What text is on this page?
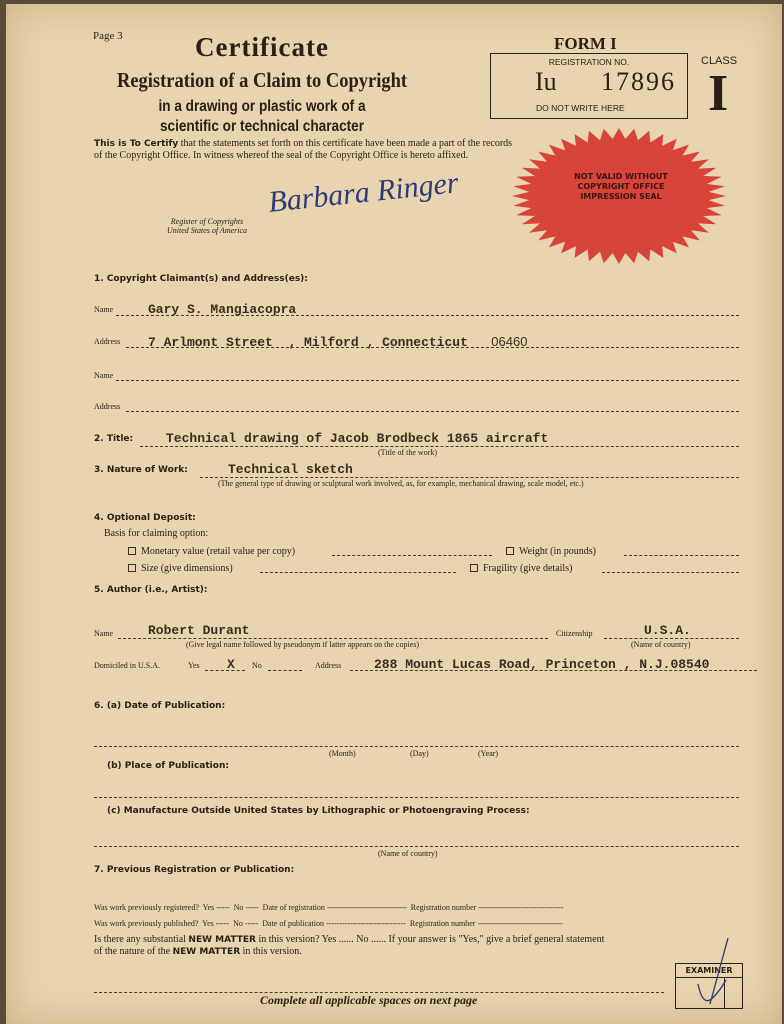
Page 3	Certificate
Registration of a Claim to Copyright
in a drawing or plastic work of a
scientific or technical character
This is To Certify that the statements set forth on this certificate have been made a part of the records of the Copyright Office. In witness whereof the seal of the Copyright Office is hereto affixed.
Barbara Ringer
Register of Copyrights
United States of America
FORM I
REGISTRATION NO.
Iu 17896
DO NOT WRITE HERE
CLASS
I
NOT VALID WITHOUT
COPYRIGHT OFFICE
IMPRESSION SEAL
1. Copyright Claimant(s) and Address(es):
Name	Gary S. Mangiacopra
Address 7 Arlmont Street , Milford , Connecticut 06460
Name
Address
2. Title:	Technical drawing of Jacob Brodbeck 1865 aircraft
(Title of the work)
3. Nature of Work:	Technical sketch
(The general type of drawing or sculptural work involved, as, for example, mechanical drawing, scale model, etc.)
4. Optional Deposit:
Basis for claiming option:
Monetary value (retail value per copy)	Weight (in pounds)
Size (give dimensions)	Fragility (give details)
5. Author (i.e., Artist):
Name	Robert Durant
(Give legal name followed by pseudonym if latter appears on the copies)
Citizenship	U.S.A.
(Name of country)
Domiciled in U.S.A.	Yes X No	Address	288 Mount Lucas Road, Princeton , N.J.08540
6. (a) Date of Publication:
(Month)	(Day)	(Year)
(b) Place of Publication:
(c) Manufacture Outside United States by Lithographic or Photoengraving Process:
(Name of country)
7. Previous Registration or Publication:
Was work previously registered? Yes -----  No -----  Date of registration ------------------------------  Registration number --------------------------------
Was work previously published? Yes -----  No -----  Date of publication ------------------------------  Registration number --------------------------------
Is there any substantial NEW MATTER in this version? Yes ...... No ...... If your answer is "Yes," give a brief general statement
of the nature of the NEW MATTER in this version.
Complete all applicable spaces on next page
EXAMINER
